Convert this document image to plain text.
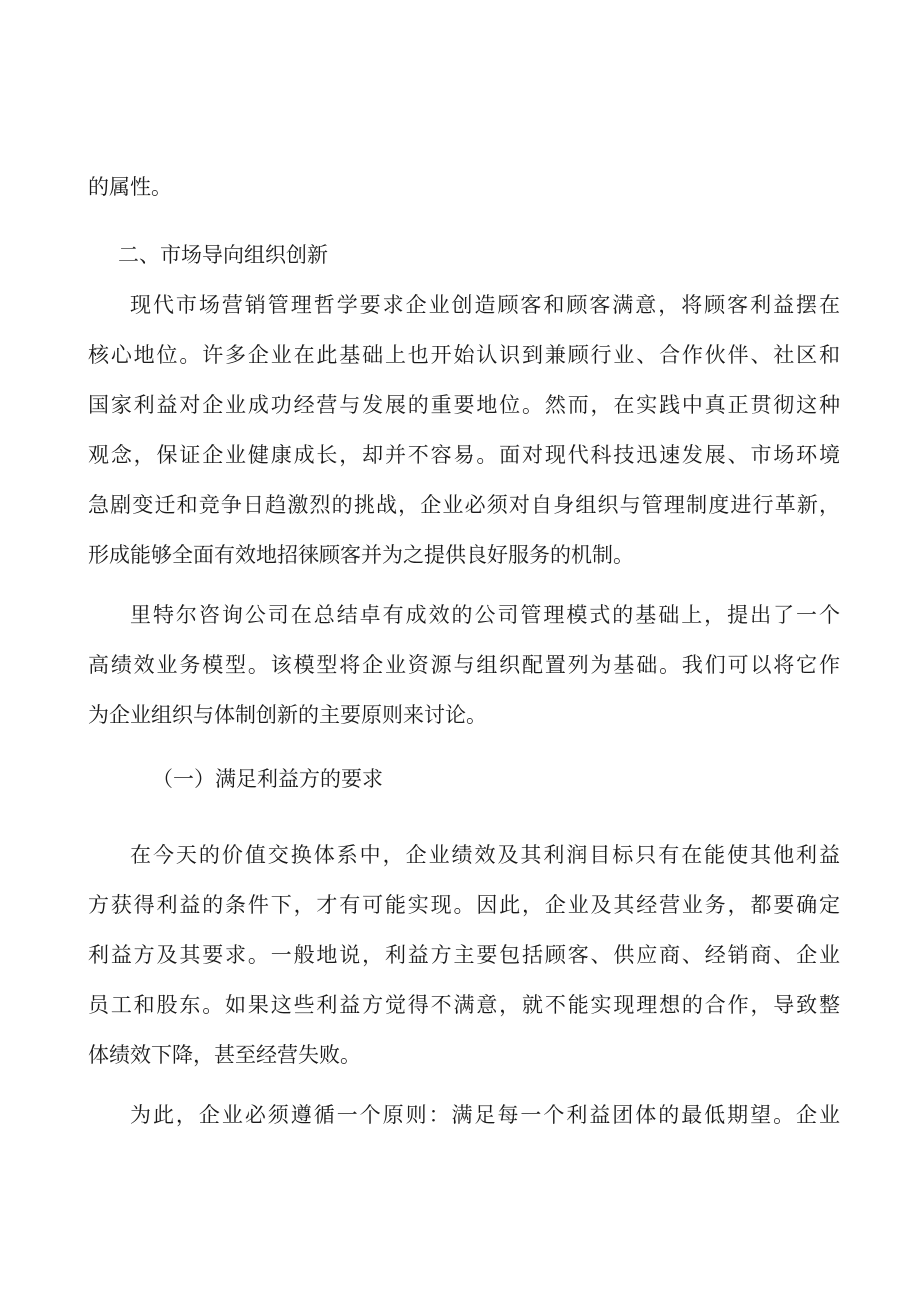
的属性。
二、市场导向组织创新
现代市场营销管理哲学要求企业创造顾客和顾客满意，将顾客利益摆在
核心地位。许多企业在此基础上也开始认识到兼顾行业、合作伙伴、社区和
国家利益对企业成功经营与发展的重要地位。然而，在实践中真正贯彻这种
观念，保证企业健康成长，却并不容易。面对现代科技迅速发展、市场环境
急剧变迁和竞争日趋激烈的挑战，企业必须对自身组织与管理制度进行革新，
形成能够全面有效地招徕顾客并为之提供良好服务的机制。
里特尔咨询公司在总结卓有成效的公司管理模式的基础上，提出了一个
高绩效业务模型。该模型将企业资源与组织配置列为基础。我们可以将它作
为企业组织与体制创新的主要原则来讨论。
（一）满足利益方的要求
在今天的价值交换体系中，企业绩效及其利润目标只有在能使其他利益
方获得利益的条件下，才有可能实现。因此，企业及其经营业务，都要确定
利益方及其要求。一般地说，利益方主要包括顾客、供应商、经销商、企业
员工和股东。如果这些利益方觉得不满意，就不能实现理想的合作，导致整
体绩效下降，甚至经营失败。
为此，企业必须遵循一个原则：满足每一个利益团体的最低期望。企业
